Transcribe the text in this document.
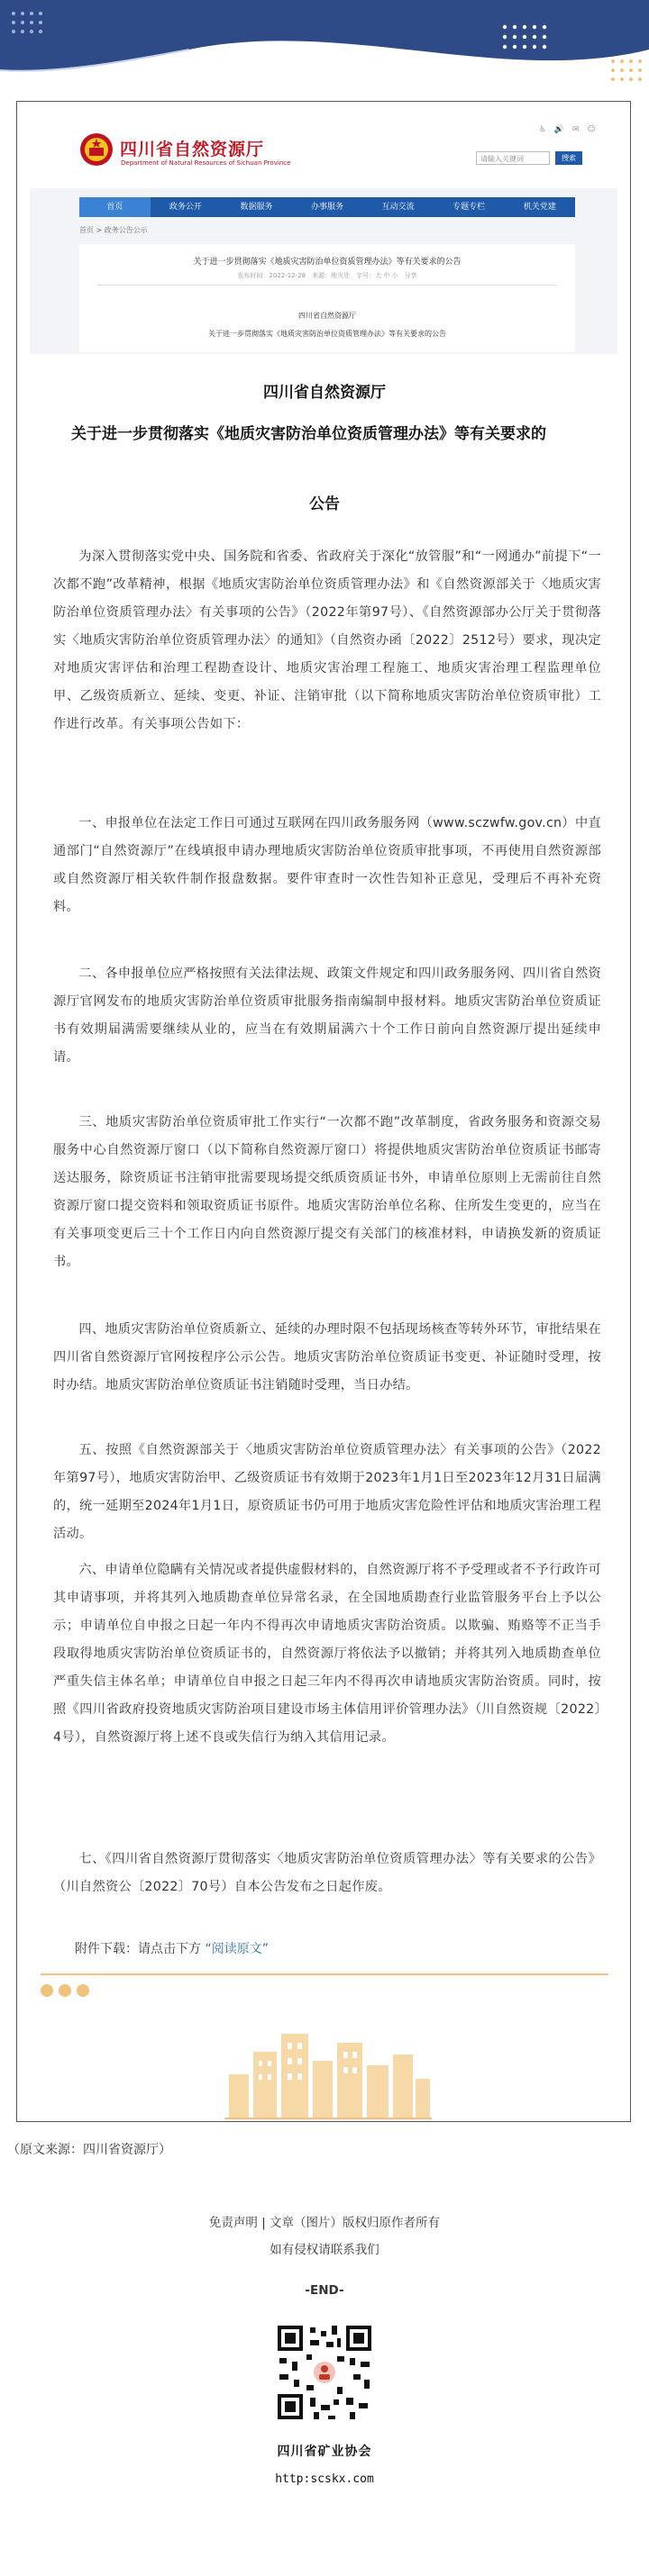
四川省自然资源厅
Department of Natural Resources of Sichuan Province
♿ 🔊 ✉ ☺
请输入关键词	搜索
首页	政务公开	数据服务	办事服务	互动交流	专题专栏	机关党建
首页 > 政务公告公示
关于进一步贯彻落实《地质灾害防治单位资质管理办法》等有关要求的公告
发布时间：2022-12-28　来源：地灾处　字号：大 中 小　分享
四川省自然资源厅
关于进一步贯彻落实《地质灾害防治单位资质管理办法》等有关要求的公告
四川省自然资源厅
关于进一步贯彻落实《地质灾害防治单位资质管理办法》等有关要求的
公告
为深入贯彻落实党中央、国务院和省委、省政府关于深化“放管服”和“一网通办”前提下“一次都不跑”改革精神，根据《地质灾害防治单位资质管理办法》和《自然资源部关于〈地质灾害防治单位资质管理办法〉有关事项的公告》（2022年第97号）、《自然资源部办公厅关于贯彻落实〈地质灾害防治单位资质管理办法〉的通知》（自然资办函〔2022〕2512号）要求，现决定对地质灾害评估和治理工程勘查设计、地质灾害治理工程施工、地质灾害治理工程监理单位甲、乙级资质新立、延续、变更、补证、注销审批（以下简称地质灾害防治单位资质审批）工作进行改革。有关事项公告如下：
一、申报单位在法定工作日可通过互联网在四川政务服务网（www.sczwfw.gov.cn）中直通部门“自然资源厅”在线填报申请办理地质灾害防治单位资质审批事项，不再使用自然资源部或自然资源厅相关软件制作报盘数据。要件审查时一次性告知补正意见，受理后不再补充资料。
二、各申报单位应严格按照有关法律法规、政策文件规定和四川政务服务网、四川省自然资源厅官网发布的地质灾害防治单位资质审批服务指南编制申报材料。地质灾害防治单位资质证书有效期届满需要继续从业的，应当在有效期届满六十个工作日前向自然资源厅提出延续申请。
三、地质灾害防治单位资质审批工作实行“一次都不跑”改革制度，省政务服务和资源交易服务中心自然资源厅窗口（以下简称自然资源厅窗口）将提供地质灾害防治单位资质证书邮寄送达服务，除资质证书注销审批需要现场提交纸质资质证书外，申请单位原则上无需前往自然资源厅窗口提交资料和领取资质证书原件。地质灾害防治单位名称、住所发生变更的，应当在有关事项变更后三十个工作日内向自然资源厅提交有关部门的核准材料，申请换发新的资质证书。
四、地质灾害防治单位资质新立、延续的办理时限不包括现场核查等转外环节，审批结果在四川省自然资源厅官网按程序公示公告。地质灾害防治单位资质证书变更、补证随时受理，按时办结。地质灾害防治单位资质证书注销随时受理，当日办结。
五、按照《自然资源部关于〈地质灾害防治单位资质管理办法〉有关事项的公告》（2022年第97号），地质灾害防治甲、乙级资质证书有效期于2023年1月1日至2023年12月31日届满的，统一延期至2024年1月1日，原资质证书仍可用于地质灾害危险性评估和地质灾害治理工程活动。
六、申请单位隐瞒有关情况或者提供虚假材料的，自然资源厅将不予受理或者不予行政许可其申请事项，并将其列入地质勘查单位异常名录，在全国地质勘查行业监管服务平台上予以公示；申请单位自申报之日起一年内不得再次申请地质灾害防治资质。以欺骗、贿赂等不正当手段取得地质灾害防治单位资质证书的，自然资源厅将依法予以撤销；并将其列入地质勘查单位严重失信主体名单；申请单位自申报之日起三年内不得再次申请地质灾害防治资质。同时，按照《四川省政府投资地质灾害防治项目建设市场主体信用评价管理办法》（川自然资规〔2022〕4号），自然资源厅将上述不良或失信行为纳入其信用记录。
七、《四川省自然资源厅贯彻落实〈地质灾害防治单位资质管理办法〉等有关要求的公告》（川自然资公〔2022〕70号）自本公告发布之日起作废。
附件下载：请点击下方 “阅读原文”
（原文来源：四川省资源厅）
免责声明 | 文章（图片）版权归原作者所有
如有侵权请联系我们
-END-
四川省矿业协会
http:scskx.com
